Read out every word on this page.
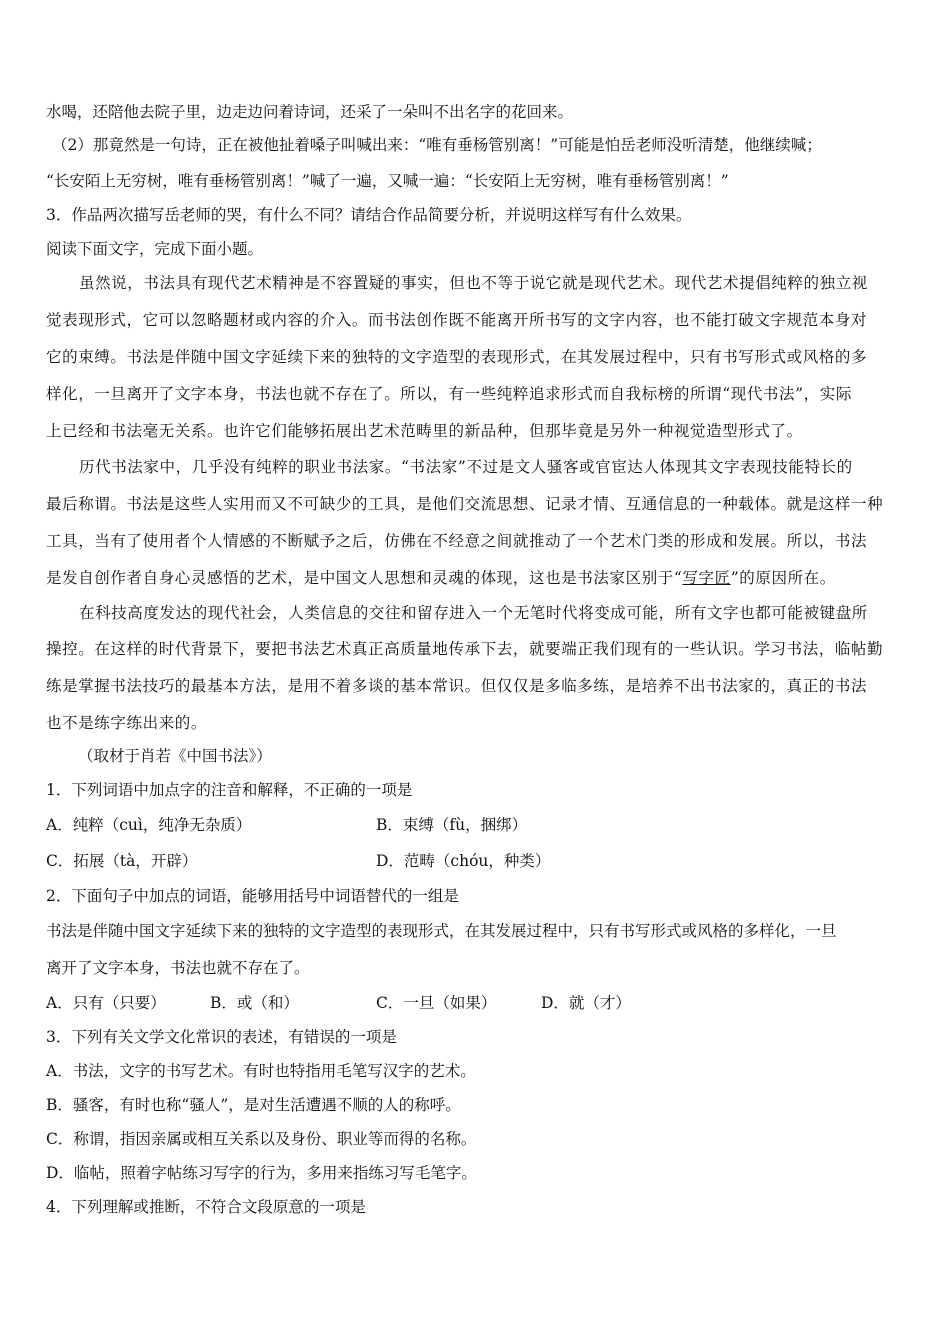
水喝，还陪他去院子里，边走边问着诗词，还采了一朵叫不出名字的花回来。
（2）那竟然是一句诗，正在被他扯着嗓子叫喊出来：“唯有垂杨管别离！”可能是怕岳老师没听清楚，他继续喊；
“长安陌上无穷树，唯有垂杨管别离！”喊了一遍，又喊一遍：“长安陌上无穷树，唯有垂杨管别离！”
3．作品两次描写岳老师的哭，有什么不同？请结合作品简要分析，并说明这样写有什么效果。
阅读下面文字，完成下面小题。
虽然说，书法具有现代艺术精神是不容置疑的事实，但也不等于说它就是现代艺术。现代艺术提倡纯粹的独立视
觉表现形式，它可以忽略题材或内容的介入。而书法创作既不能离开所书写的文字内容，也不能打破文字规范本身对
它的束缚。书法是伴随中国文字延续下来的独特的文字造型的表现形式，在其发展过程中，只有书写形式或风格的多
样化，一旦离开了文字本身，书法也就不存在了。所以，有一些纯粹追求形式而自我标榜的所谓“现代书法”，实际
上已经和书法毫无关系。也许它们能够拓展出艺术范畴里的新品种，但那毕竟是另外一种视觉造型形式了。
历代书法家中，几乎没有纯粹的职业书法家。“书法家”不过是文人骚客或官宦达人体现其文字表现技能特长的
最后称谓。书法是这些人实用而又不可缺少的工具，是他们交流思想、记录才情、互通信息的一种载体。就是这样一种
工具，当有了使用者个人情感的不断赋予之后，仿佛在不经意之间就推动了一个艺术门类的形成和发展。所以，书法
是发自创作者自身心灵感悟的艺术，是中国文人思想和灵魂的体现，这也是书法家区别于“写字匠”的原因所在。
在科技高度发达的现代社会，人类信息的交往和留存进入一个无笔时代将变成可能，所有文字也都可能被键盘所
操控。在这样的时代背景下，要把书法艺术真正高质量地传承下去，就要端正我们现有的一些认识。学习书法，临帖勤
练是掌握书法技巧的最基本方法，是用不着多谈的基本常识。但仅仅是多临多练，是培养不出书法家的，真正的书法
也不是练字练出来的。
（取材于肖若《中国书法》）
1．下列词语中加点字的注音和解释，不正确的一项是
A．纯粹（cuì，纯净无杂质）	B．束缚（fù，捆绑）
C．拓展（tà，开辟）	D．范畴（chóu，种类）
2．下面句子中加点的词语，能够用括号中词语替代的一组是
书法是伴随中国文字延续下来的独特的文字造型的表现形式，在其发展过程中，只有书写形式或风格的多样化，一旦
离开了文字本身，书法也就不存在了。
A．只有（只要）	B．或（和）	C．一旦（如果）	D．就（才）
3．下列有关文学文化常识的表述，有错误的一项是
A．书法，文字的书写艺术。有时也特指用毛笔写汉字的艺术。
B．骚客，有时也称“骚人”，是对生活遭遇不顺的人的称呼。
C．称谓，指因亲属或相互关系以及身份、职业等而得的名称。
D．临帖，照着字帖练习写字的行为，多用来指练习写毛笔字。
4．下列理解或推断，不符合文段原意的一项是
